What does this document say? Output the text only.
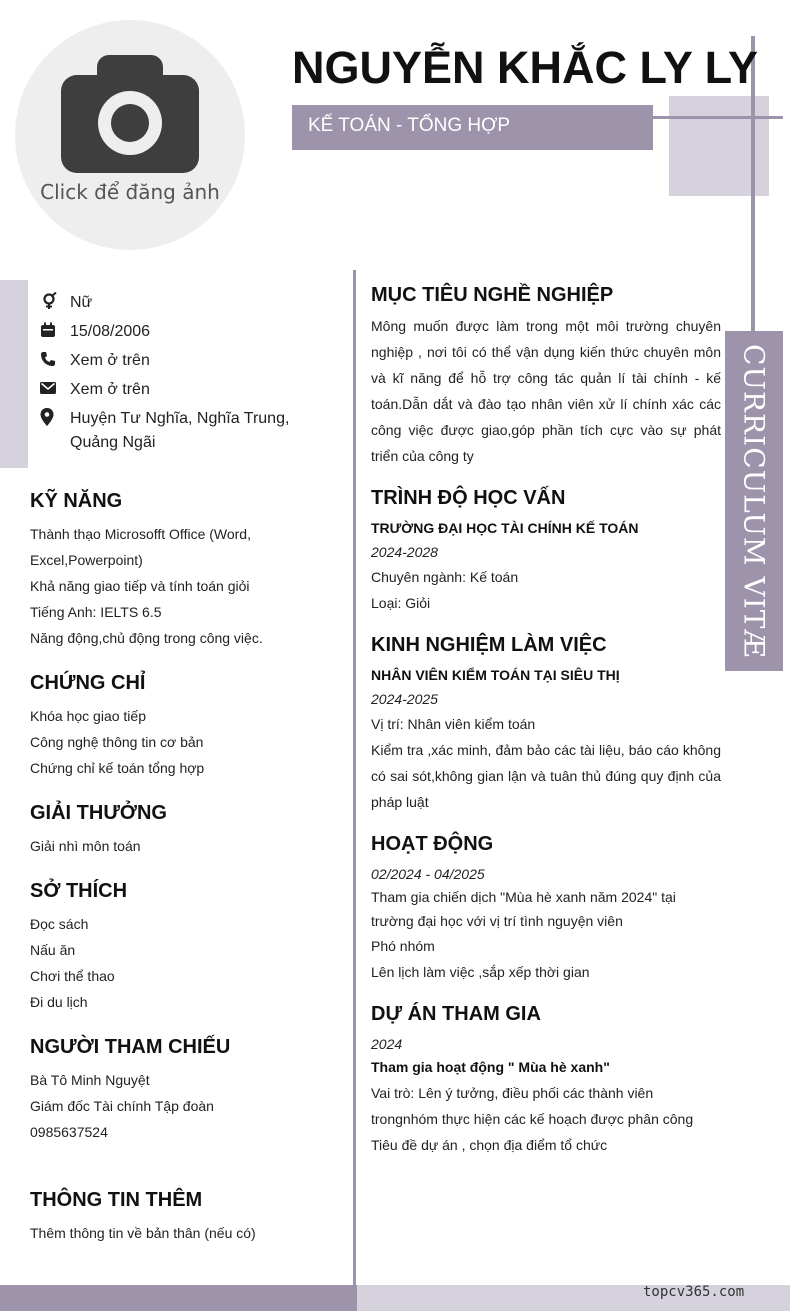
CURRICULUM VITÆ
Click để đăng ảnh
NGUYỄN KHẮC LY LY
KẾ TOÁN - TỔNG HỢP
Nữ
15/08/2006
Xem ở trên
Xem ở trên
Huyện Tư Nghĩa, Nghĩa Trung, Quảng Ngãi
KỸ NĂNG
Thành thạo Microsofft Office (Word, Excel,Powerpoint)
Khả năng giao tiếp và tính toán giỏi
Tiếng Anh: IELTS 6.5
Năng động,chủ động trong công việc.
CHỨNG CHỈ
Khóa học giao tiếp
Công nghệ thông tin cơ bản
Chứng chỉ kế toán tổng hợp
GIẢI THƯỞNG
Giải nhì môn toán
SỞ THÍCH
Đọc sách
Nấu ăn
Chơi thể thao
Đi du lịch
NGƯỜI THAM CHIẾU
Bà Tô Minh Nguyệt
Giám đốc Tài chính Tập đoàn
0985637524
THÔNG TIN THÊM
Thêm thông tin về bản thân (nếu có)
MỤC TIÊU NGHỀ NGHIỆP
Mông muốn được làm trong một môi trường chuyên nghiệp , nơi tôi có thể vận dụng kiến thức chuyên môn và kĩ năng để hỗ trợ công tác quản lí tài chính - kế toán.Dẫn dắt và đào tạo nhân viên xử lí chính xác các công việc được giao,góp phần tích cực vào sự phát triển của công ty
TRÌNH ĐỘ HỌC VẤN
TRƯỜNG ĐẠI HỌC TÀI CHÍNH KẾ TOÁN
2024-2028
Chuyên ngành: Kế toán
Loại: Giỏi
KINH NGHIỆM LÀM VIỆC
NHÂN VIÊN KIỂM TOÁN TẠI SIÊU THỊ
2024-2025
Vị trí: Nhân viên kiểm toán
Kiểm tra ,xác minh, đảm bảo các tài liệu, báo cáo không có sai sót,không gian lận và tuân thủ đúng quy định của pháp luật
HOẠT ĐỘNG
02/2024 - 04/2025
Tham gia chiến dịch "Mùa hè xanh năm 2024" tại trường đại học với vị trí tình nguyện viên
Phó nhóm
Lên lịch làm việc ,sắp xếp thời gian
DỰ ÁN THAM GIA
2024
Tham gia hoạt động " Mùa hè xanh"
Vai trò: Lên ý tưởng, điều phối các thành viên trongnhóm thực hiện các kế hoạch được phân công
Tiêu đề dự án , chọn địa điểm tổ chức
topcv365.com
